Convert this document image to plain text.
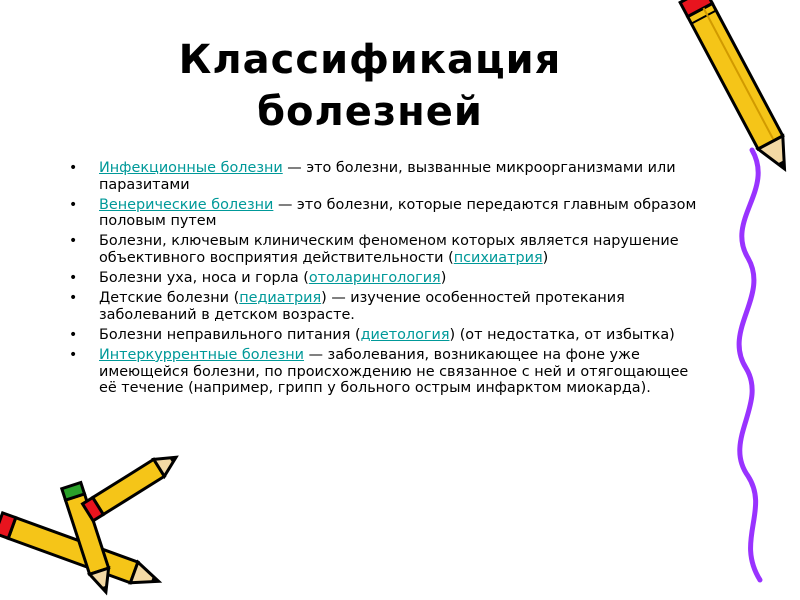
Классификация
болезней
• Инфекционные болезни — это болезни, вызванные микроорганизмами или паразитами
• Венерические болезни — это болезни, которые передаются главным образом половым путем
• Болезни, ключевым клиническим феноменом которых является нарушение объективного восприятия действительности (психиатрия)
• Болезни уха, носа и горла (отоларингология)
• Детские болезни (педиатрия) — изучение особенностей протекания заболеваний в детском возрасте.
• Болезни неправильного питания (диетология) (от недостатка, от избытка)
• Интеркуррентные болезни — заболевания, возникающее на фоне уже имеющейся болезни, по происхождению не связанное с ней и отягощающее её течение (например, грипп у больного острым инфарктом миокарда).
